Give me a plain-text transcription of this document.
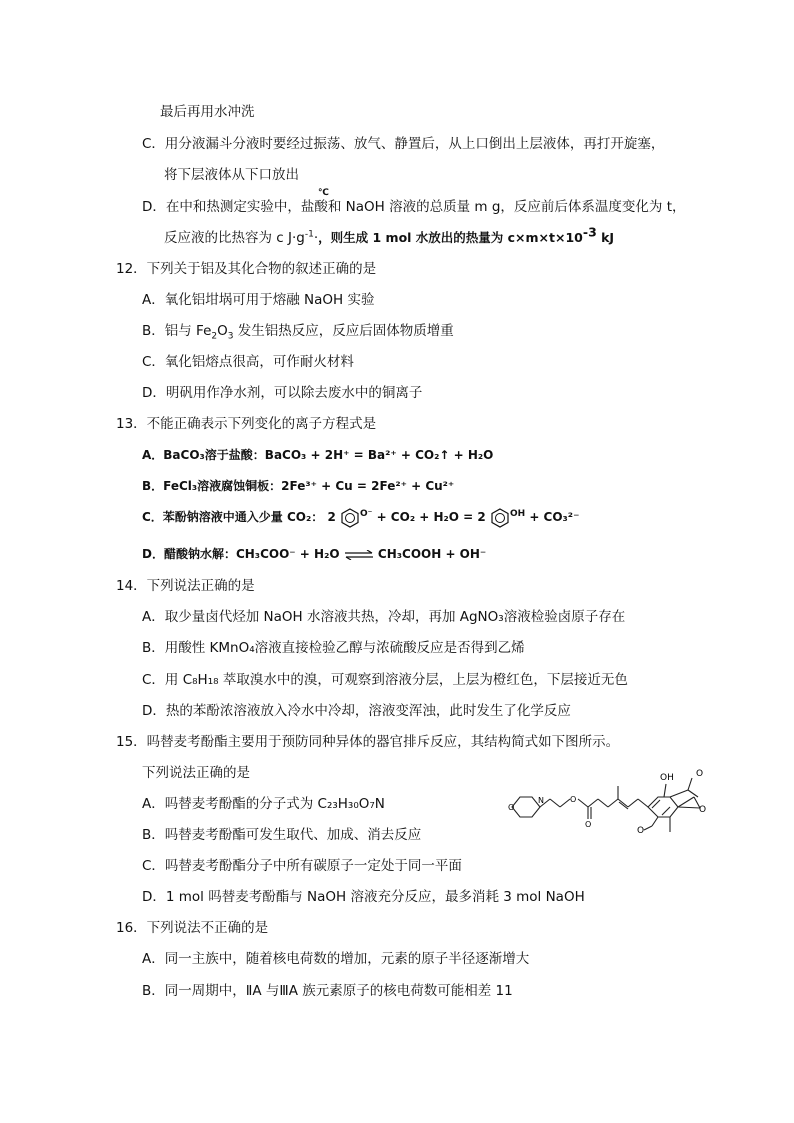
最后再用水冲洗
C．用分液漏斗分液时要经过振荡、放气、静置后，从上口倒出上层液体，再打开旋塞，
将下层液体从下口放出
℃
D．在中和热测定实验中，盐酸和 NaOH 溶液的总质量 m g，反应前后体系温度变化为 t，
反应液的比热容为 c $J\cdot g^{-1}\cdot$，则生成 1 mol 水放出的热量为 $c\times m\times t\times 10^{-3}$ kJ
12．下列关于铝及其化合物的叙述正确的是
A．氧化铝坩埚可用于熔融 NaOH 实验
B．铝与 $Fe_2O_3$ 发生铝热反应，反应后固体物质增重
C．氧化铝熔点很高，可作耐火材料
D．明矾用作净水剂，可以除去废水中的铜离子
13．不能正确表示下列变化的离子方程式是
A．BaCO₃溶于盐酸：BaCO₃ + 2H⁺ = Ba²⁺ + CO₂↑ + H₂O
B．FeCl₃溶液腐蚀铜板：2Fe³⁺ + Cu = 2Fe²⁺ + Cu²⁺
C．苯酚钠溶液中通入少量 CO₂： 2	$^{O^-}$ + CO₂ + H₂O = 2	$^{OH}$ + CO₃²⁻
D．醋酸钠水解：CH₃COO⁻ + H₂O ⇌ CH₃COOH + OH⁻
14．下列说法正确的是
A．取少量卤代烃加 NaOH 水溶液共热，冷却，再加 AgNO₃溶液检验卤原子存在
B．用酸性 KMnO₄溶液直接检验乙醇与浓硫酸反应是否得到乙烯
C．用 C₈H₁₈ 萃取溴水中的溴，可观察到溶液分层，上层为橙红色，下层接近无色
D．热的苯酚浓溶液放入冷水中冷却，溶液变浑浊，此时发生了化学反应
15．吗替麦考酚酯主要用于预防同种异体的器官排斥反应，其结构简式如下图所示。
下列说法正确的是
A．吗替麦考酚酯的分子式为 C₂₃H₃₀O₇N
B．吗替麦考酚酯可发生取代、加成、消去反应
C．吗替麦考酚酯分子中所有碳原子一定处于同一平面
D．1 mol 吗替麦考酚酯与 NaOH 溶液充分反应，最多消耗 3 mol NaOH
O
N	O
O
OH O
O
O
16．下列说法不正确的是
A．同一主族中，随着核电荷数的增加，元素的原子半径逐渐增大
B．同一周期中，ⅡA 与ⅢA 族元素原子的核电荷数可能相差 11
